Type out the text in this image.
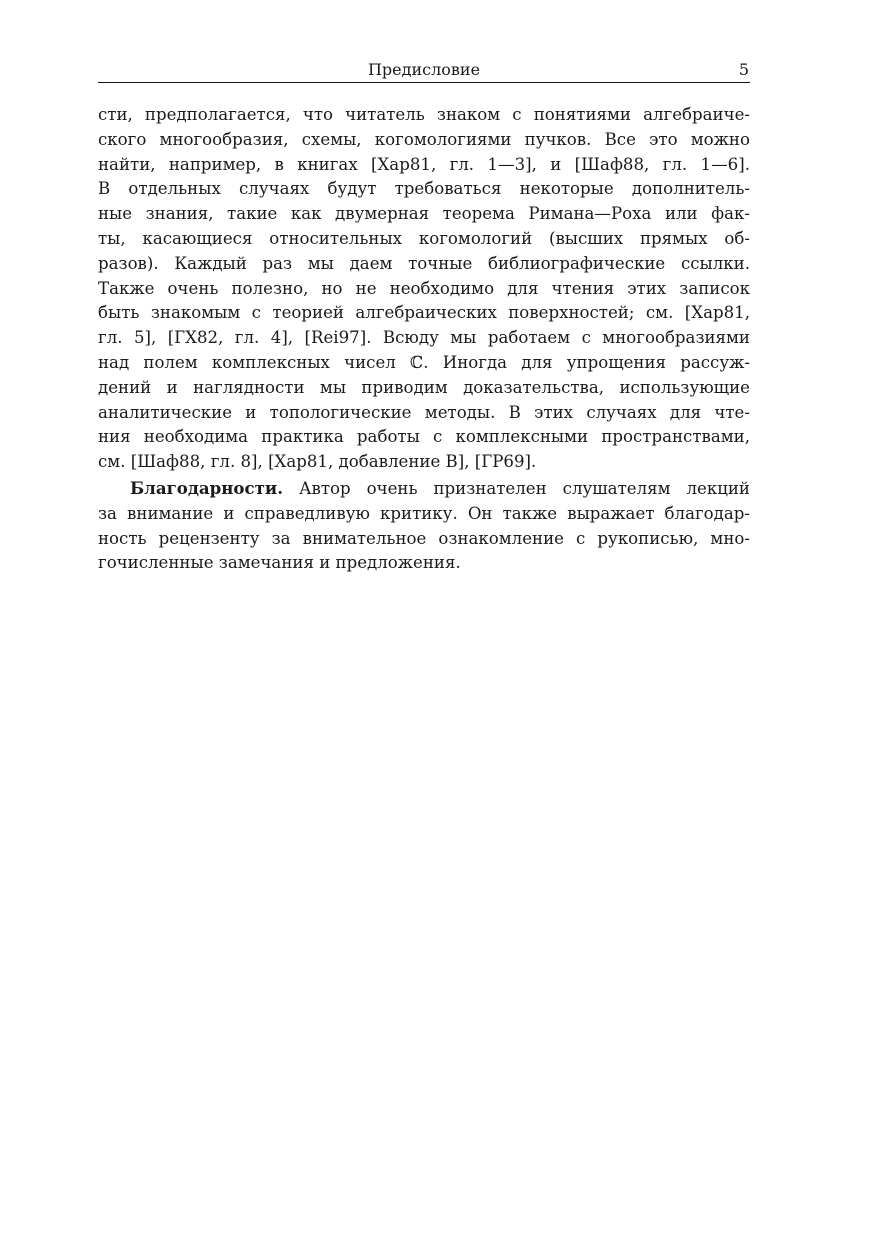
Предисловие	5
сти, предполагается, что читатель знаком с понятиями алгебраиче-
ского многообразия, схемы, когомологиями пучков. Все это можно
найти, например, в книгах [Хар81, гл. 1—3], и [Шаф88, гл. 1—6].
В отдельных случаях будут требоваться некоторые дополнитель-
ные знания, такие как двумерная теорема Римана—Роха или фак-
ты, касающиеся относительных когомологий (высших прямых об-
разов). Каждый раз мы даем точные библиографические ссылки.
Также очень полезно, но не необходимо для чтения этих записок
быть знакомым с теорией алгебраических поверхностей; см. [Хар81,
гл. 5], [ГХ82, гл. 4], [Rei97]. Всюду мы работаем с многообразиями
над полем комплексных чисел ℂ. Иногда для упрощения рассуж-
дений и наглядности мы приводим доказательства, использующие
аналитические и топологические методы. В этих случаях для чте-
ния необходима практика работы с комплексными пространствами,
см. [Шаф88, гл. 8], [Хар81, добавление B], [ГР69].
Благодарности. Автор очень признателен слушателям лекций
за внимание и справедливую критику. Он также выражает благодар-
ность рецензенту за внимательное ознакомление с рукописью, мно-
гочисленные замечания и предложения.
